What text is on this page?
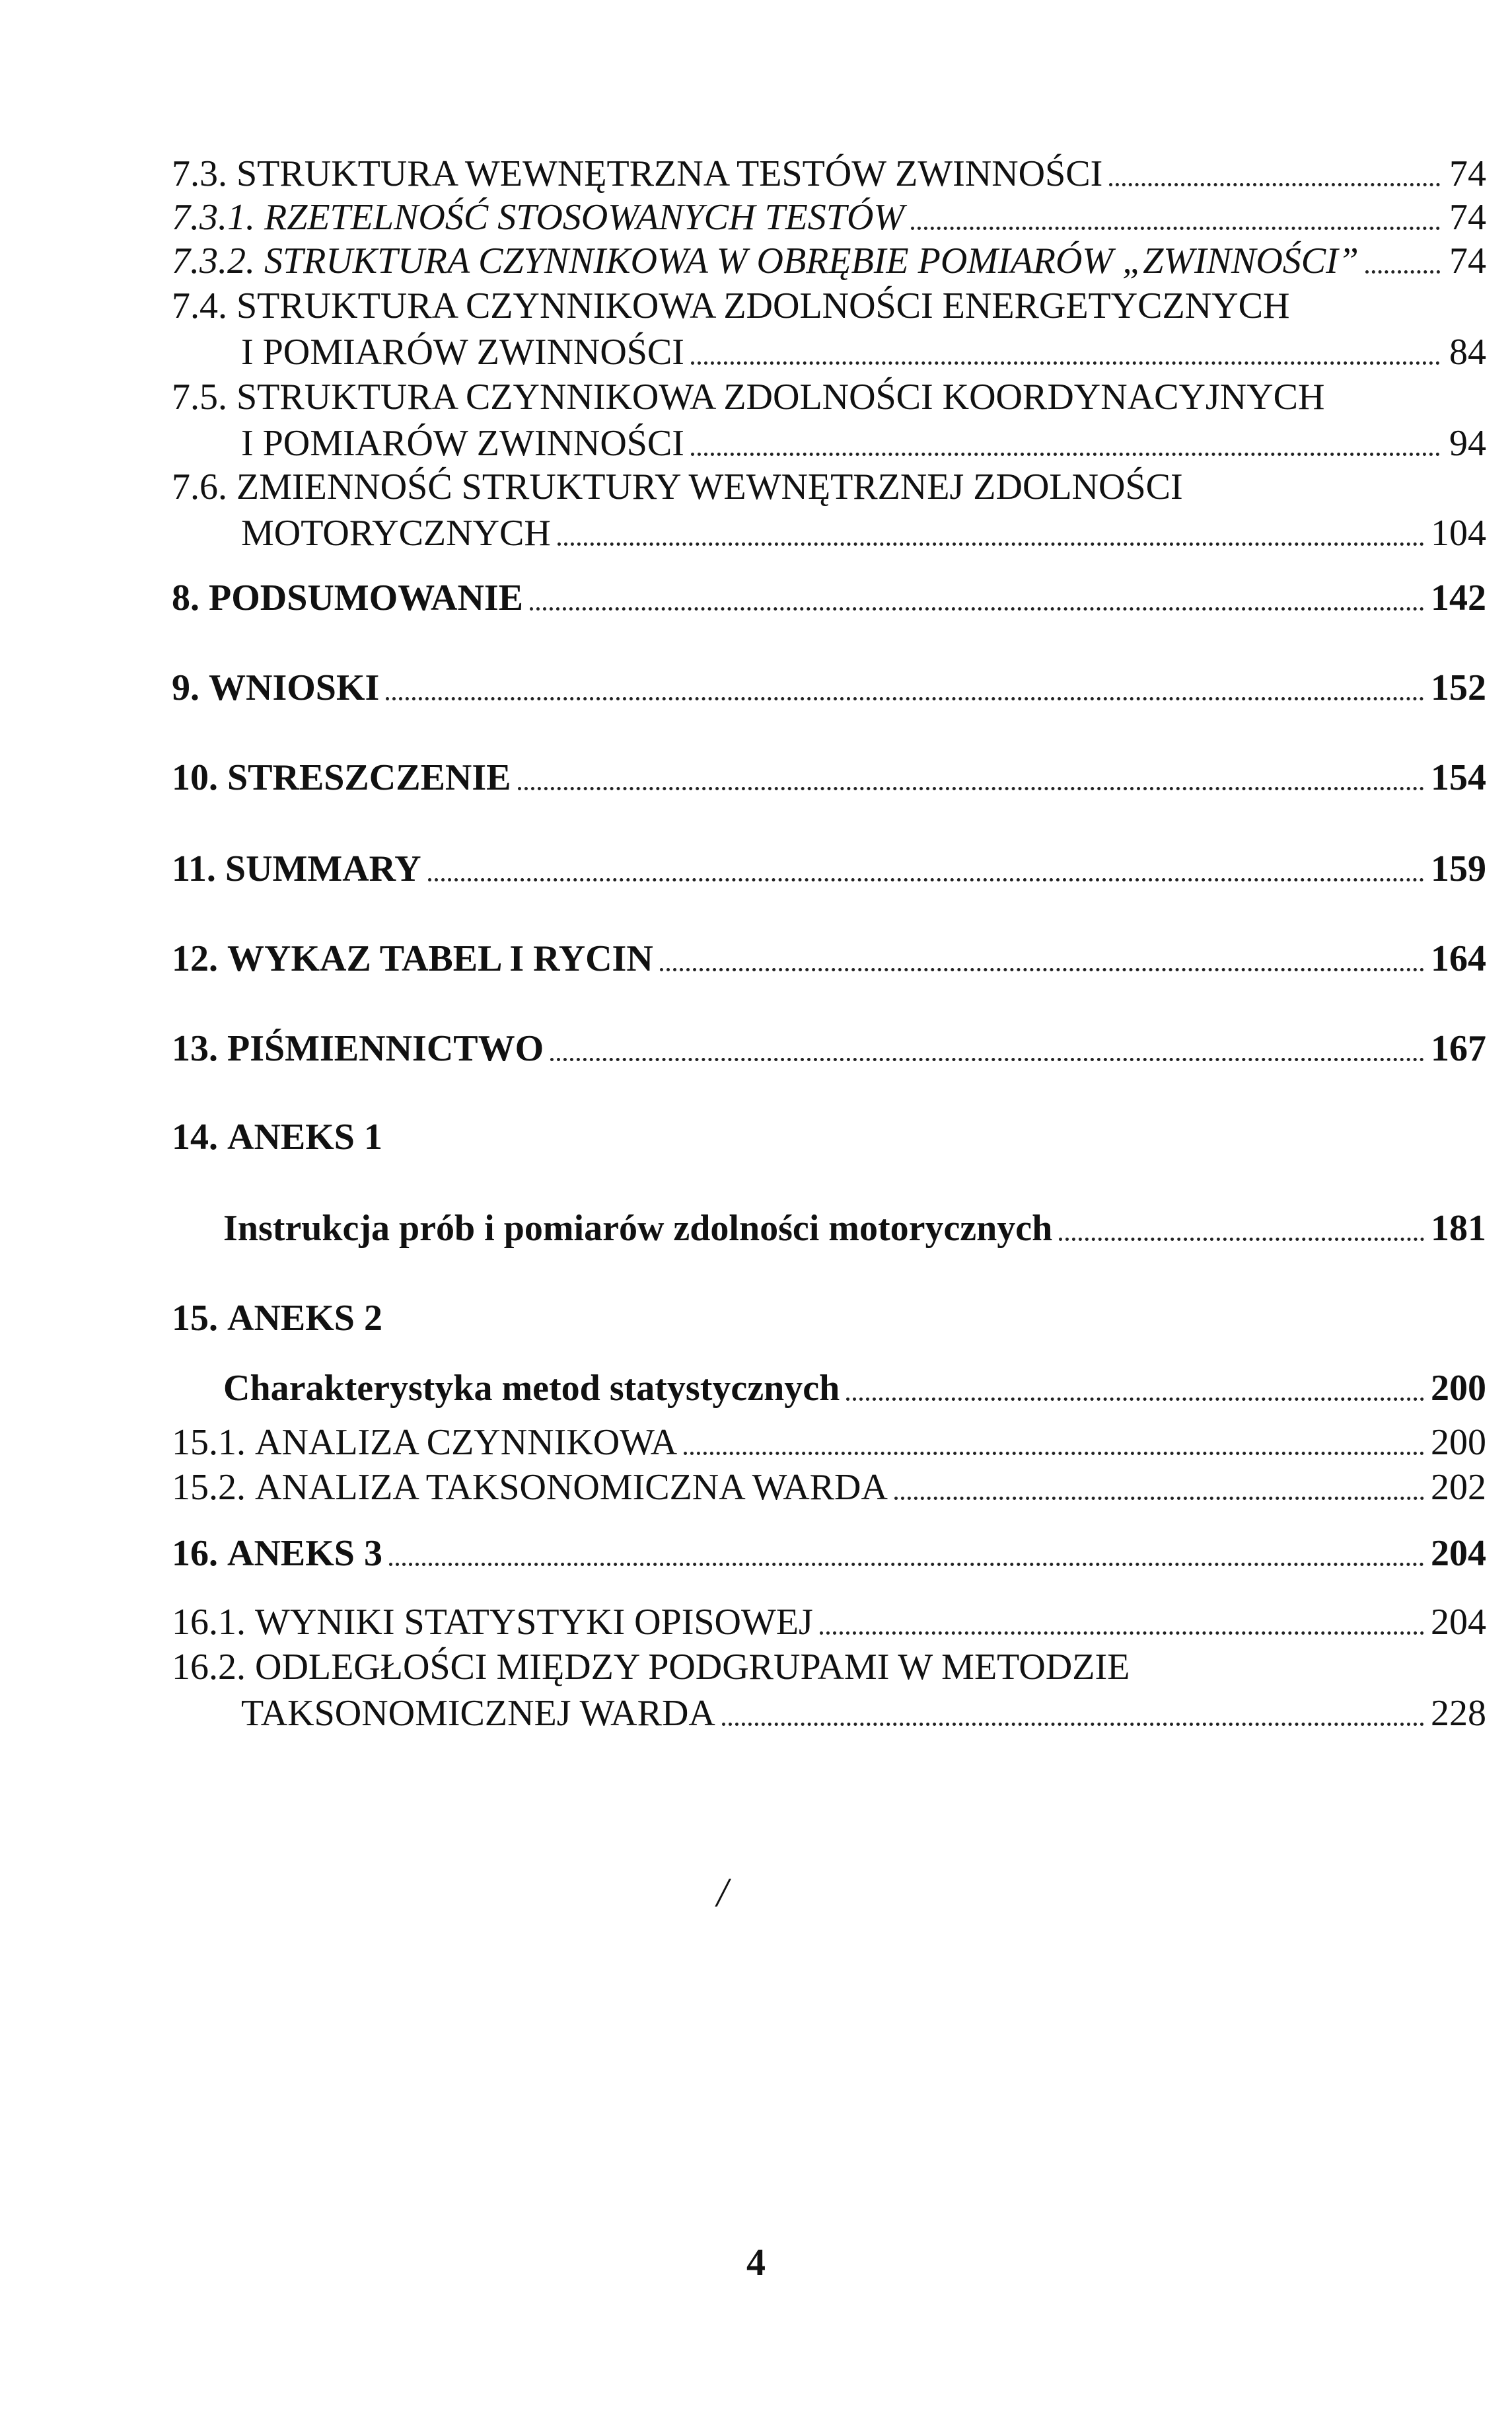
7.3. STRUKTURA WEWNĘTRZNA TESTÓW ZWINNOŚCI	74
7.3.1. RZETELNOŚĆ STOSOWANYCH TESTÓW	74
7.3.2. STRUKTURA CZYNNIKOWA W OBRĘBIE POMIARÓW „ZWINNOŚCI” 74
7.4. STRUKTURA CZYNNIKOWA ZDOLNOŚCI ENERGETYCZNYCH
I POMIARÓW ZWINNOŚCI	84
7.5. STRUKTURA CZYNNIKOWA ZDOLNOŚCI KOORDYNACYJNYCH
I POMIARÓW ZWINNOŚCI	94
7.6. ZMIENNOŚĆ STRUKTURY WEWNĘTRZNEJ ZDOLNOŚCI
MOTORYCZNYCH	104
8. PODSUMOWANIE	142
9. WNIOSKI	152
10. STRESZCZENIE	154
11. SUMMARY	159
12. WYKAZ TABEL I RYCIN	164
13. PIŚMIENNICTWO	167
14. ANEKS 1
Instrukcja prób i pomiarów zdolności motorycznych	181
15. ANEKS 2
Charakterystyka metod statystycznych	200
15.1. ANALIZA CZYNNIKOWA	200
15.2. ANALIZA TAKSONOMICZNA WARDA	202
16. ANEKS 3	204
16.1. WYNIKI STATYSTYKI OPISOWEJ	204
16.2. ODLEGŁOŚCI MIĘDZY PODGRUPAMI W METODZIE
TAKSONOMICZNEJ WARDA	228
/
4
